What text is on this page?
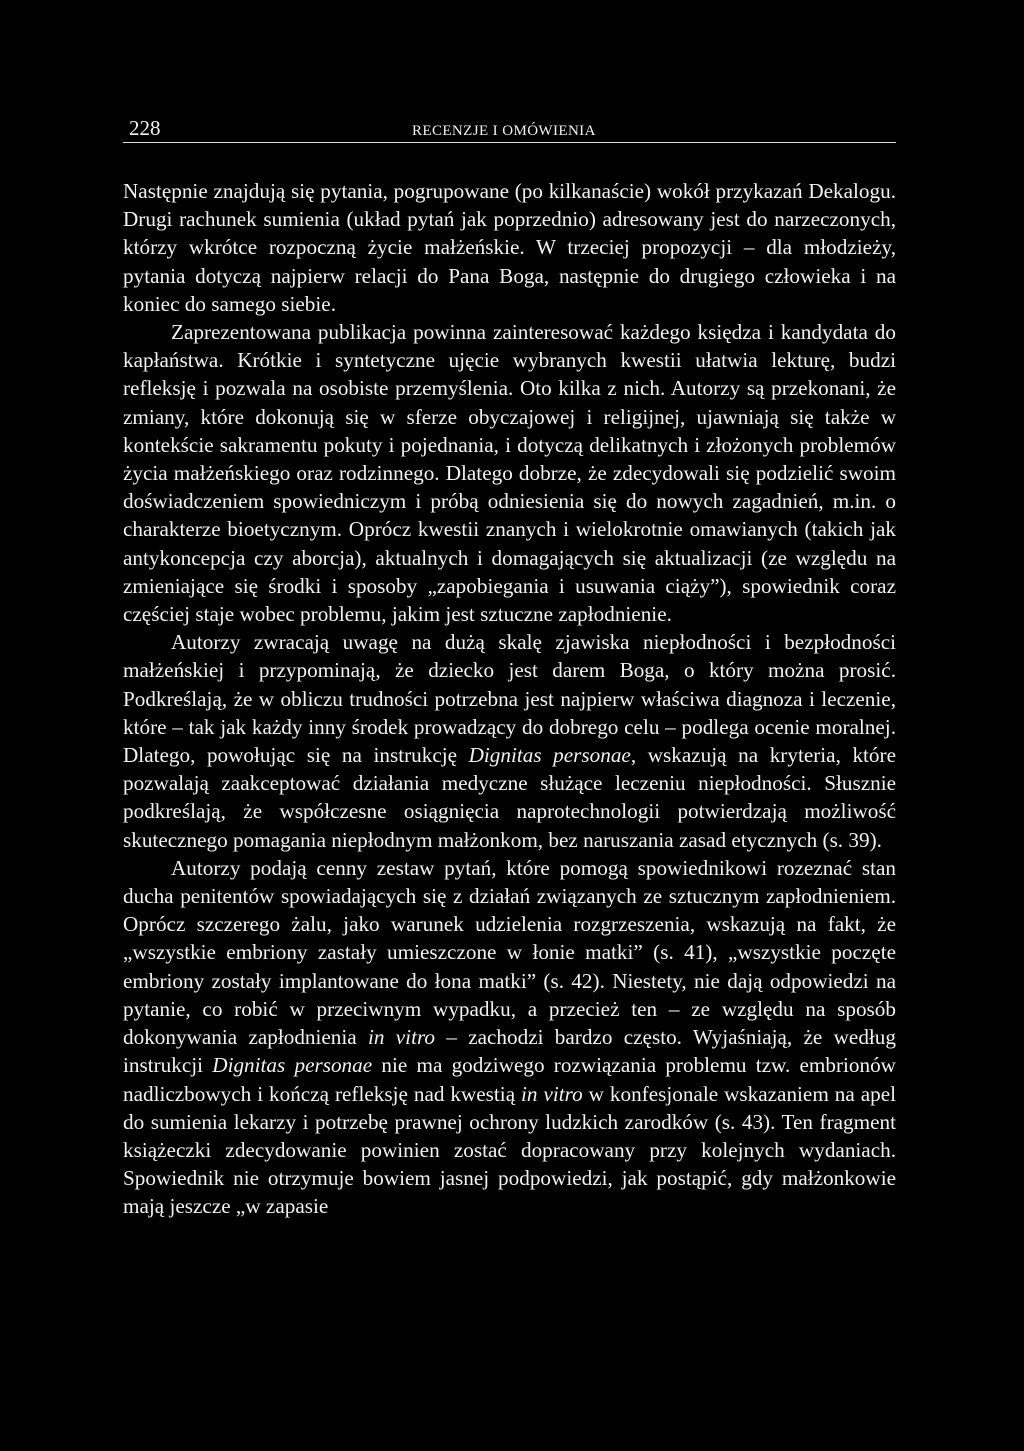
228	RECENZJE I OMÓWIENIA

Następnie znajdują się pytania, pogrupowane (po kilkanaście) wokół przykazań Dekalogu. Drugi rachunek sumienia (układ pytań jak poprzednio) adresowany jest do narzeczonych, którzy wkrótce rozpoczną życie małżeńskie. W trzeciej propozycji – dla młodzieży, pytania dotyczą najpierw relacji do Pana Boga, następnie do drugiego człowieka i na koniec do samego siebie.

Zaprezentowana publikacja powinna zainteresować każdego księdza i kandydata do kapłaństwa. Krótkie i syntetyczne ujęcie wybranych kwestii ułatwia lekturę, budzi refleksję i pozwala na osobiste przemyślenia. Oto kilka z nich. Autorzy są przekonani, że zmiany, które dokonują się w sferze obyczajowej i religijnej, ujawniają się także w kontekście sakramentu pokuty i pojednania, i dotyczą delikatnych i złożonych problemów życia małżeńskiego oraz rodzinnego. Dlatego dobrze, że zdecydowali się podzielić swoim doświadczeniem spowiedniczym i próbą odniesienia się do nowych zagadnień, m.in. o charakterze bioetycznym. Oprócz kwestii znanych i wielokrotnie omawianych (takich jak antykoncepcja czy aborcja), aktualnych i domagających się aktualizacji (ze względu na zmieniające się środki i sposoby „zapobiegania i usuwania ciąży”), spowiednik coraz częściej staje wobec problemu, jakim jest sztuczne zapłodnienie.

Autorzy zwracają uwagę na dużą skalę zjawiska niepłodności i bezpłodności małżeńskiej i przypominają, że dziecko jest darem Boga, o który można prosić. Podkreślają, że w obliczu trudności potrzebna jest najpierw właściwa diagnoza i leczenie, które – tak jak każdy inny środek prowadzący do dobrego celu – podlega ocenie moralnej. Dlatego, powołując się na instrukcję Dignitas personae, wskazują na kryteria, które pozwalają zaakceptować działania medyczne służące leczeniu niepłodności. Słusznie podkreślają, że współczesne osiągnięcia naprotechnologii potwierdzają możliwość skutecznego pomagania niepłodnym małżonkom, bez naruszania zasad etycznych (s. 39).

Autorzy podają cenny zestaw pytań, które pomogą spowiednikowi rozeznać stan ducha penitentów spowiadających się z działań związanych ze sztucznym zapłodnieniem. Oprócz szczerego żalu, jako warunek udzielenia rozgrzeszenia, wskazują na fakt, że „wszystkie embriony zastały umieszczone w łonie matki” (s. 41), „wszystkie poczęte embriony zostały implantowane do łona matki” (s. 42). Niestety, nie dają odpowiedzi na pytanie, co robić w przeciwnym wypadku, a przecież ten – ze względu na sposób dokonywania zapłodnienia in vitro – zachodzi bardzo często. Wyjaśniają, że według instrukcji Dignitas personae nie ma godziwego rozwiązania problemu tzw. embrionów nadliczbowych i kończą refleksję nad kwestią in vitro w konfesjonale wskazaniem na apel do sumienia lekarzy i potrzebę prawnej ochrony ludzkich zarodków (s. 43). Ten fragment książeczki zdecydowanie powinien zostać dopracowany przy kolejnych wydaniach. Spowiednik nie otrzymuje bowiem jasnej podpowiedzi, jak postąpić, gdy małżonkowie mają jeszcze „w zapasie
